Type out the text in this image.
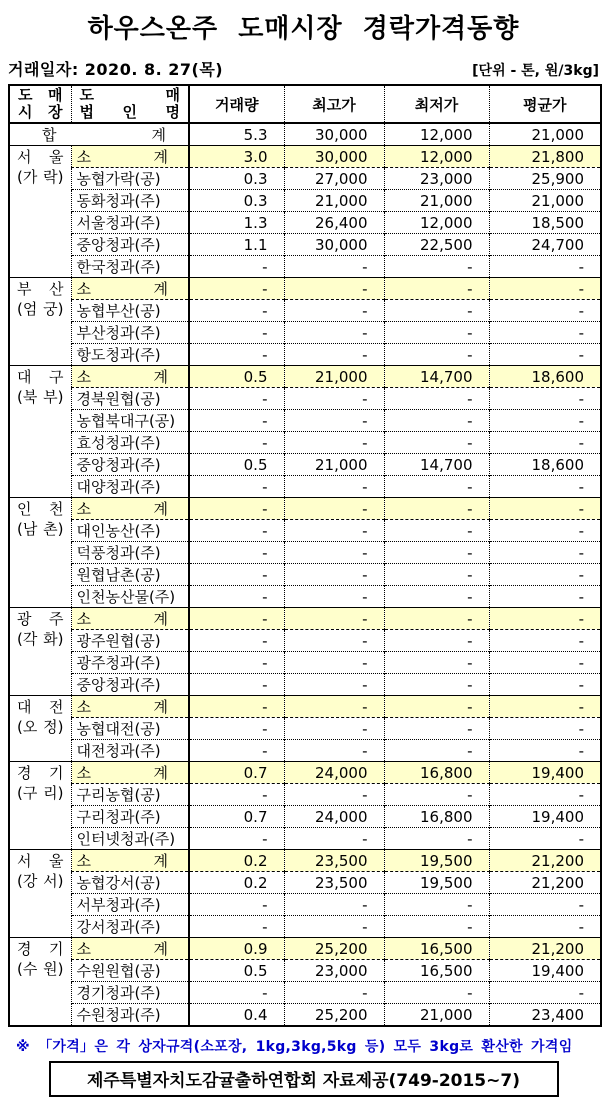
하우스온주 도매시장 경락가격동향
거래일자: 2020. 8. 27(목)	[단위 - 톤, 원/3kg]
도 매
시 장

도 매
법 인 명	거래량	최고가	최저가	평균가
합 계		5.3	30,000	12,000	21,000

서 울
(가 락)	소 계	3.0	30,000	12,000	21,800
	농협가락(공)	0.3	27,000	23,000	25,900
	동화청과(주)	0.3	21,000	21,000	21,000
	서울청과(주)	1.3	26,400	12,000	18,500
	중앙청과(주)	1.1	30,000	22,500	24,700
	한국청과(주)	-	-	-	-

부 산
(엄 궁)	소 계	-	-	-	-
	농협부산(공)	-	-	-	-
	부산청과(주)	-	-	-	-
	항도청과(주)	-	-	-	-

대 구
(북 부)	소 계	0.5	21,000	14,700	18,600
	경북원협(공)	-	-	-	-
	농협북대구(공)	-	-	-	-
	효성청과(주)	-	-	-	-
	중앙청과(주)	0.5	21,000	14,700	18,600
	대양청과(주)	-	-	-	-

인 천
(남 촌)	소 계	-	-	-	-
	대인농산(주)	-	-	-	-
	덕풍청과(주)	-	-	-	-
	원협남촌(공)	-	-	-	-
	인천농산물(주)	-	-	-	-

광 주
(각 화)	소 계	-	-	-	-
	광주원협(공)	-	-	-	-
	광주청과(주)	-	-	-	-
	중앙청과(주)	-	-	-	-

대 전
(오 정)	소 계	-	-	-	-
	농협대전(공)	-	-	-	-
	대전청과(주)	-	-	-	-

경 기
(구 리)	소 계	0.7	24,000	16,800	19,400
	구리농협(공)	-	-	-	-
	구리청과(주)	0.7	24,000	16,800	19,400
	인터넷청과(주)	-	-	-	-

서 울
(강 서)	소 계	0.2	23,500	19,500	21,200
	농협강서(공)	0.2	23,500	19,500	21,200
	서부청과(주)	-	-	-	-
	강서청과(주)	-	-	-	-

경 기
(수 원)	소 계	0.9	25,200	16,500	21,200
	수원원협(공)	0.5	23,000	16,500	19,400
	경기청과(주)	-	-	-	-
	수원청과(주)	0.4	25,200	21,000	23,400
※ 「가격」은 각 상자규격(소포장, 1kg,3kg,5kg 등) 모두 3kg로 환산한 가격임
제주특별자치도감귤출하연합회 자료제공(749-2015~7)
